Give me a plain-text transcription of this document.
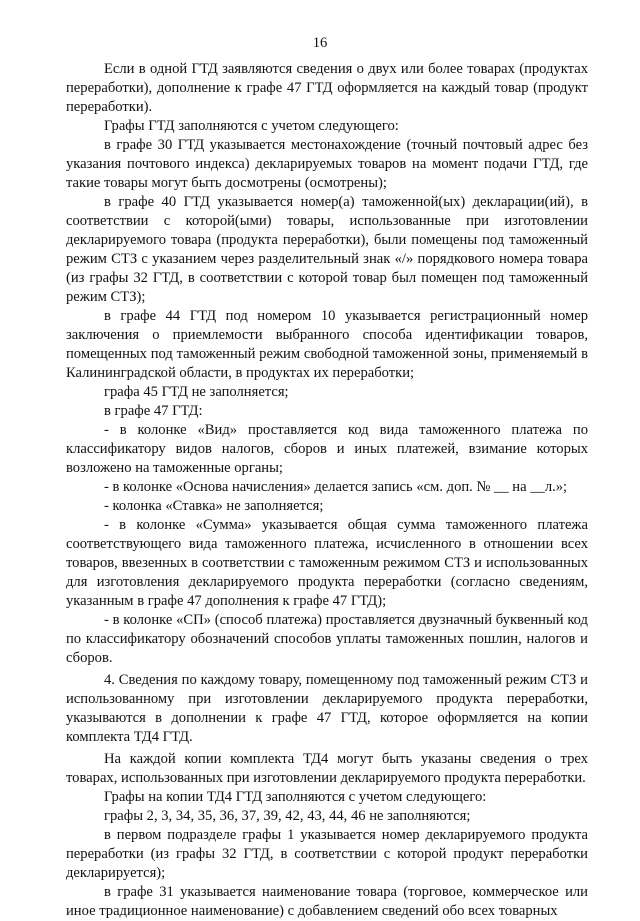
16

Если в одной ГТД заявляются сведения о двух или более товарах (продуктах переработки), дополнение к графе 47 ГТД оформляется на каждый товар (продукт переработки).

Графы ГТД заполняются с учетом следующего:

в графе 30 ГТД указывается местонахождение (точный почтовый адрес без указания почтового индекса) декларируемых товаров на момент подачи ГТД, где такие товары могут быть досмотрены (осмотрены);

в графе 40 ГТД указывается номер(а) таможенной(ых) декларации(ий), в соответствии с которой(ыми) товары, использованные при изготовлении декларируемого товара (продукта переработки), были помещены под таможенный режим СТЗ с указанием через разделительный знак «/» порядкового номера товара (из графы 32 ГТД, в соответствии с которой товар был помещен под таможенный режим СТЗ);

в графе 44 ГТД под номером 10 указывается регистрационный номер заключения о приемлемости выбранного способа идентификации товаров, помещенных под таможенный режим свободной таможенной зоны, применяемый в Калининградской области, в продуктах их переработки;

графа 45 ГТД не заполняется;

в графе 47 ГТД:

- в колонке «Вид» проставляется код вида таможенного платежа по классификатору видов налогов, сборов и иных платежей, взимание которых возложено на таможенные органы;

- в колонке «Основа начисления» делается запись «см. доп. № __ на __л.»;

- колонка «Ставка» не заполняется;

- в колонке «Сумма» указывается общая сумма таможенного платежа соответствующего вида таможенного платежа, исчисленного в отношении всех товаров, ввезенных в соответствии с таможенным режимом СТЗ и использованных для изготовления декларируемого продукта переработки (согласно сведениям, указанным в графе 47 дополнения к графе 47 ГТД);

- в колонке «СП» (способ платежа) проставляется двузначный буквенный код по классификатору обозначений способов уплаты таможенных пошлин, налогов и сборов.

4. Сведения по каждому товару, помещенному под таможенный режим СТЗ и использованному при изготовлении декларируемого продукта переработки, указываются в дополнении к графе 47 ГТД, которое оформляется на копии комплекта ТД4 ГТД.

На каждой копии комплекта ТД4 могут быть указаны сведения о трех товарах, использованных при изготовлении декларируемого продукта переработки.

Графы на копии ТД4 ГТД заполняются с учетом следующего:

графы 2, 3, 34, 35, 36, 37, 39, 42, 43, 44, 46 не заполняются;

в первом подразделе графы 1 указывается номер декларируемого продукта переработки (из графы 32 ГТД, в соответствии с которой продукт переработки декларируется);

в графе 31 указывается наименование товара (торговое, коммерческое или иное традиционное наименование) с добавлением сведений обо всех товарных
